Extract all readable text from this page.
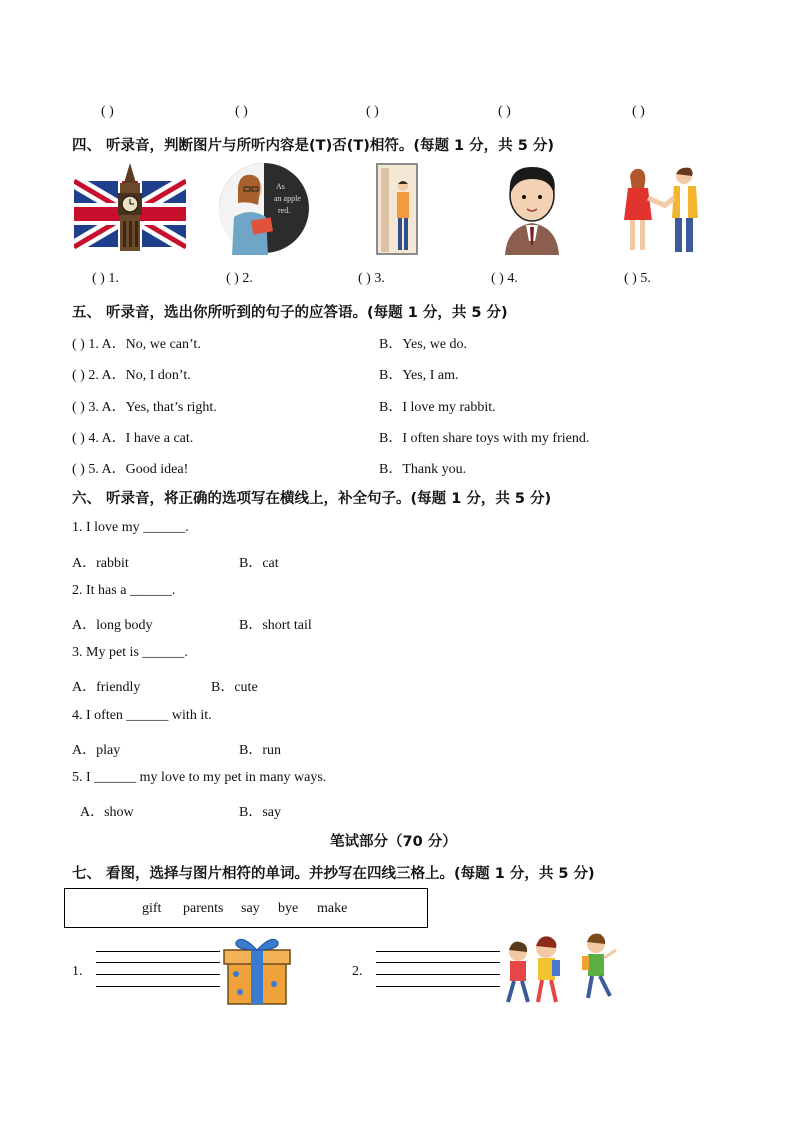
( )	( )	( )	( )	( )
四、 听录音，判断图片与所听内容是(T)否(T)相符。(每题 1 分，共 5 分)
As
an apple
red.
( ) 1.	( ) 2.	( ) 3.	( ) 4.	( ) 5.
五、 听录音，选出你所听到的句子的应答语。(每题 1 分，共 5 分)
( ) 1. A．No, we can’t.	B．Yes, we do.
( ) 2. A．No, I don’t.	B．Yes, I am.
( ) 3. A．Yes, that’s right.	B．I love my rabbit.
( ) 4. A．I have a cat.	B．I often share toys with my friend.
( ) 5. A．Good idea!	B．Thank you.
六、 听录音，将正确的选项写在横线上，补全句子。(每题 1 分，共 5 分)
1. I love my ______.
A．rabbit	B．cat
2. It has a ______.
A．long body	B．short tail
3. My pet is ______.
A．friendly	B．cute
4. I often ______ with it.
A．play	B．run
5. I ______ my love to my pet in many ways.
A．show	B．say
笔试部分（70 分）
七、 看图，选择与图片相符的单词。并抄写在四线三格上。(每题 1 分，共 5 分)
gift parents say bye make
1.	2.
